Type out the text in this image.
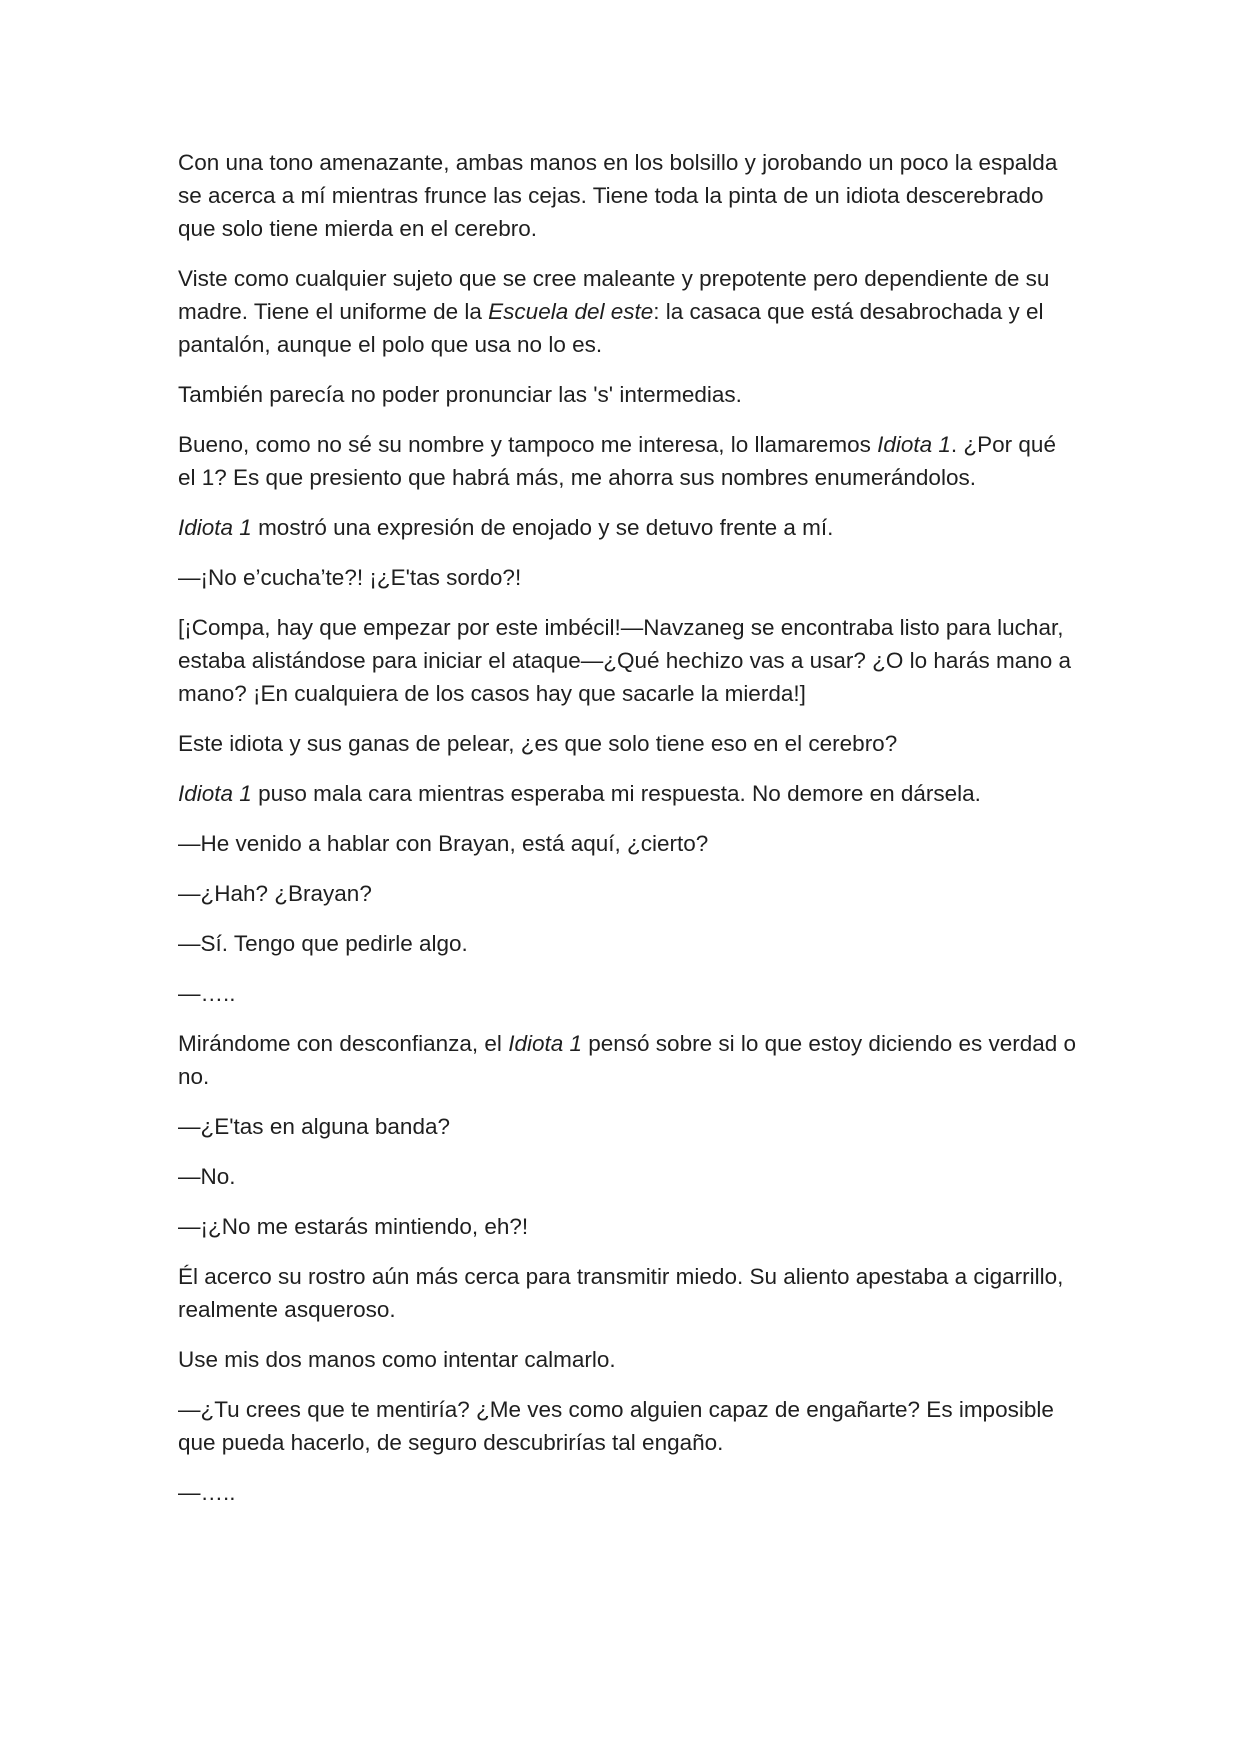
Con una tono amenazante, ambas manos en los bolsillo y jorobando un poco la espalda se acerca a mí mientras frunce las cejas. Tiene toda la pinta de un idiota descerebrado que solo tiene mierda en el cerebro.

Viste como cualquier sujeto que se cree maleante y prepotente pero dependiente de su madre. Tiene el uniforme de la Escuela del este: la casaca que está desabrochada y el pantalón, aunque el polo que usa no lo es.

También parecía no poder pronunciar las 's' intermedias.

Bueno, como no sé su nombre y tampoco me interesa, lo llamaremos Idiota 1. ¿Por qué el 1? Es que presiento que habrá más, me ahorra sus nombres enumerándolos.

Idiota 1 mostró una expresión de enojado y se detuvo frente a mí.

—¡No e’cucha’te?! ¡¿E'tas sordo?!

[¡Compa, hay que empezar por este imbécil!—Navzaneg se encontraba listo para luchar, estaba alistándose para iniciar el ataque—¿Qué hechizo vas a usar? ¿O lo harás mano a mano? ¡En cualquiera de los casos hay que sacarle la mierda!]

Este idiota y sus ganas de pelear, ¿es que solo tiene eso en el cerebro?

Idiota 1 puso mala cara mientras esperaba mi respuesta. No demore en dársela.

—He venido a hablar con Brayan, está aquí, ¿cierto?

—¿Hah? ¿Brayan?

—Sí. Tengo que pedirle algo.

—…..

Mirándome con desconfianza, el Idiota 1 pensó sobre si lo que estoy diciendo es verdad o no.

—¿E'tas en alguna banda?

—No.

—¡¿No me estarás mintiendo, eh?!

Él acerco su rostro aún más cerca para transmitir miedo. Su aliento apestaba a cigarrillo, realmente asqueroso.

Use mis dos manos como intentar calmarlo.

—¿Tu crees que te mentiría? ¿Me ves como alguien capaz de engañarte? Es imposible que pueda hacerlo, de seguro descubrirías tal engaño.

—…..
